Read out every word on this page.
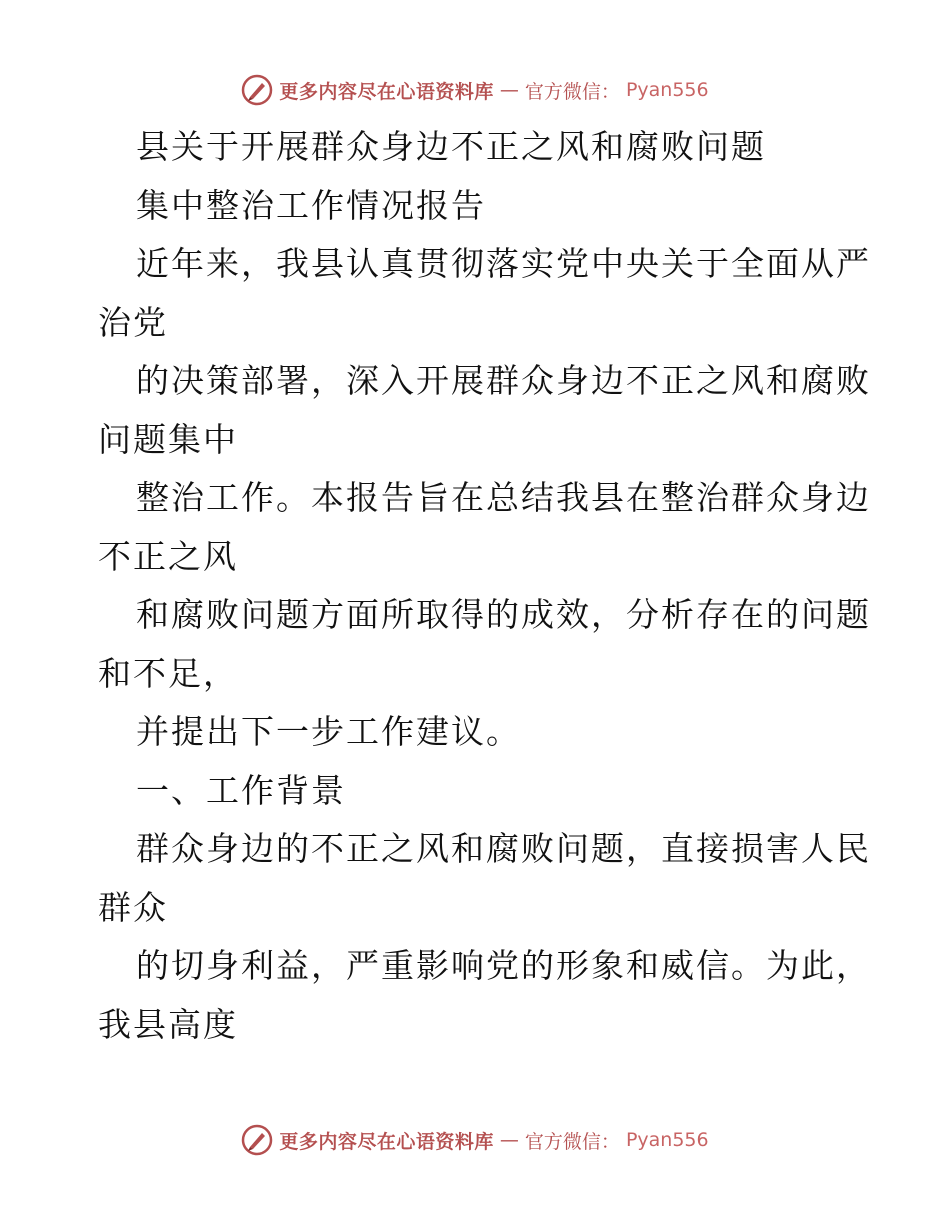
更多内容尽在心语资料库 — 官方微信： Pyan556
县关于开展群众身边不正之风和腐败问题
集中整治工作情况报告
近年来，我县认真贯彻落实党中央关于全面从严
治党
的决策部署，深入开展群众身边不正之风和腐败
问题集中
整治工作。本报告旨在总结我县在整治群众身边
不正之风
和腐败问题方面所取得的成效，分析存在的问题
和不足，
并提出下一步工作建议。
一、工作背景
群众身边的不正之风和腐败问题，直接损害人民
群众
的切身利益，严重影响党的形象和威信。为此，
我县高度
更多内容尽在心语资料库 — 官方微信： Pyan556
